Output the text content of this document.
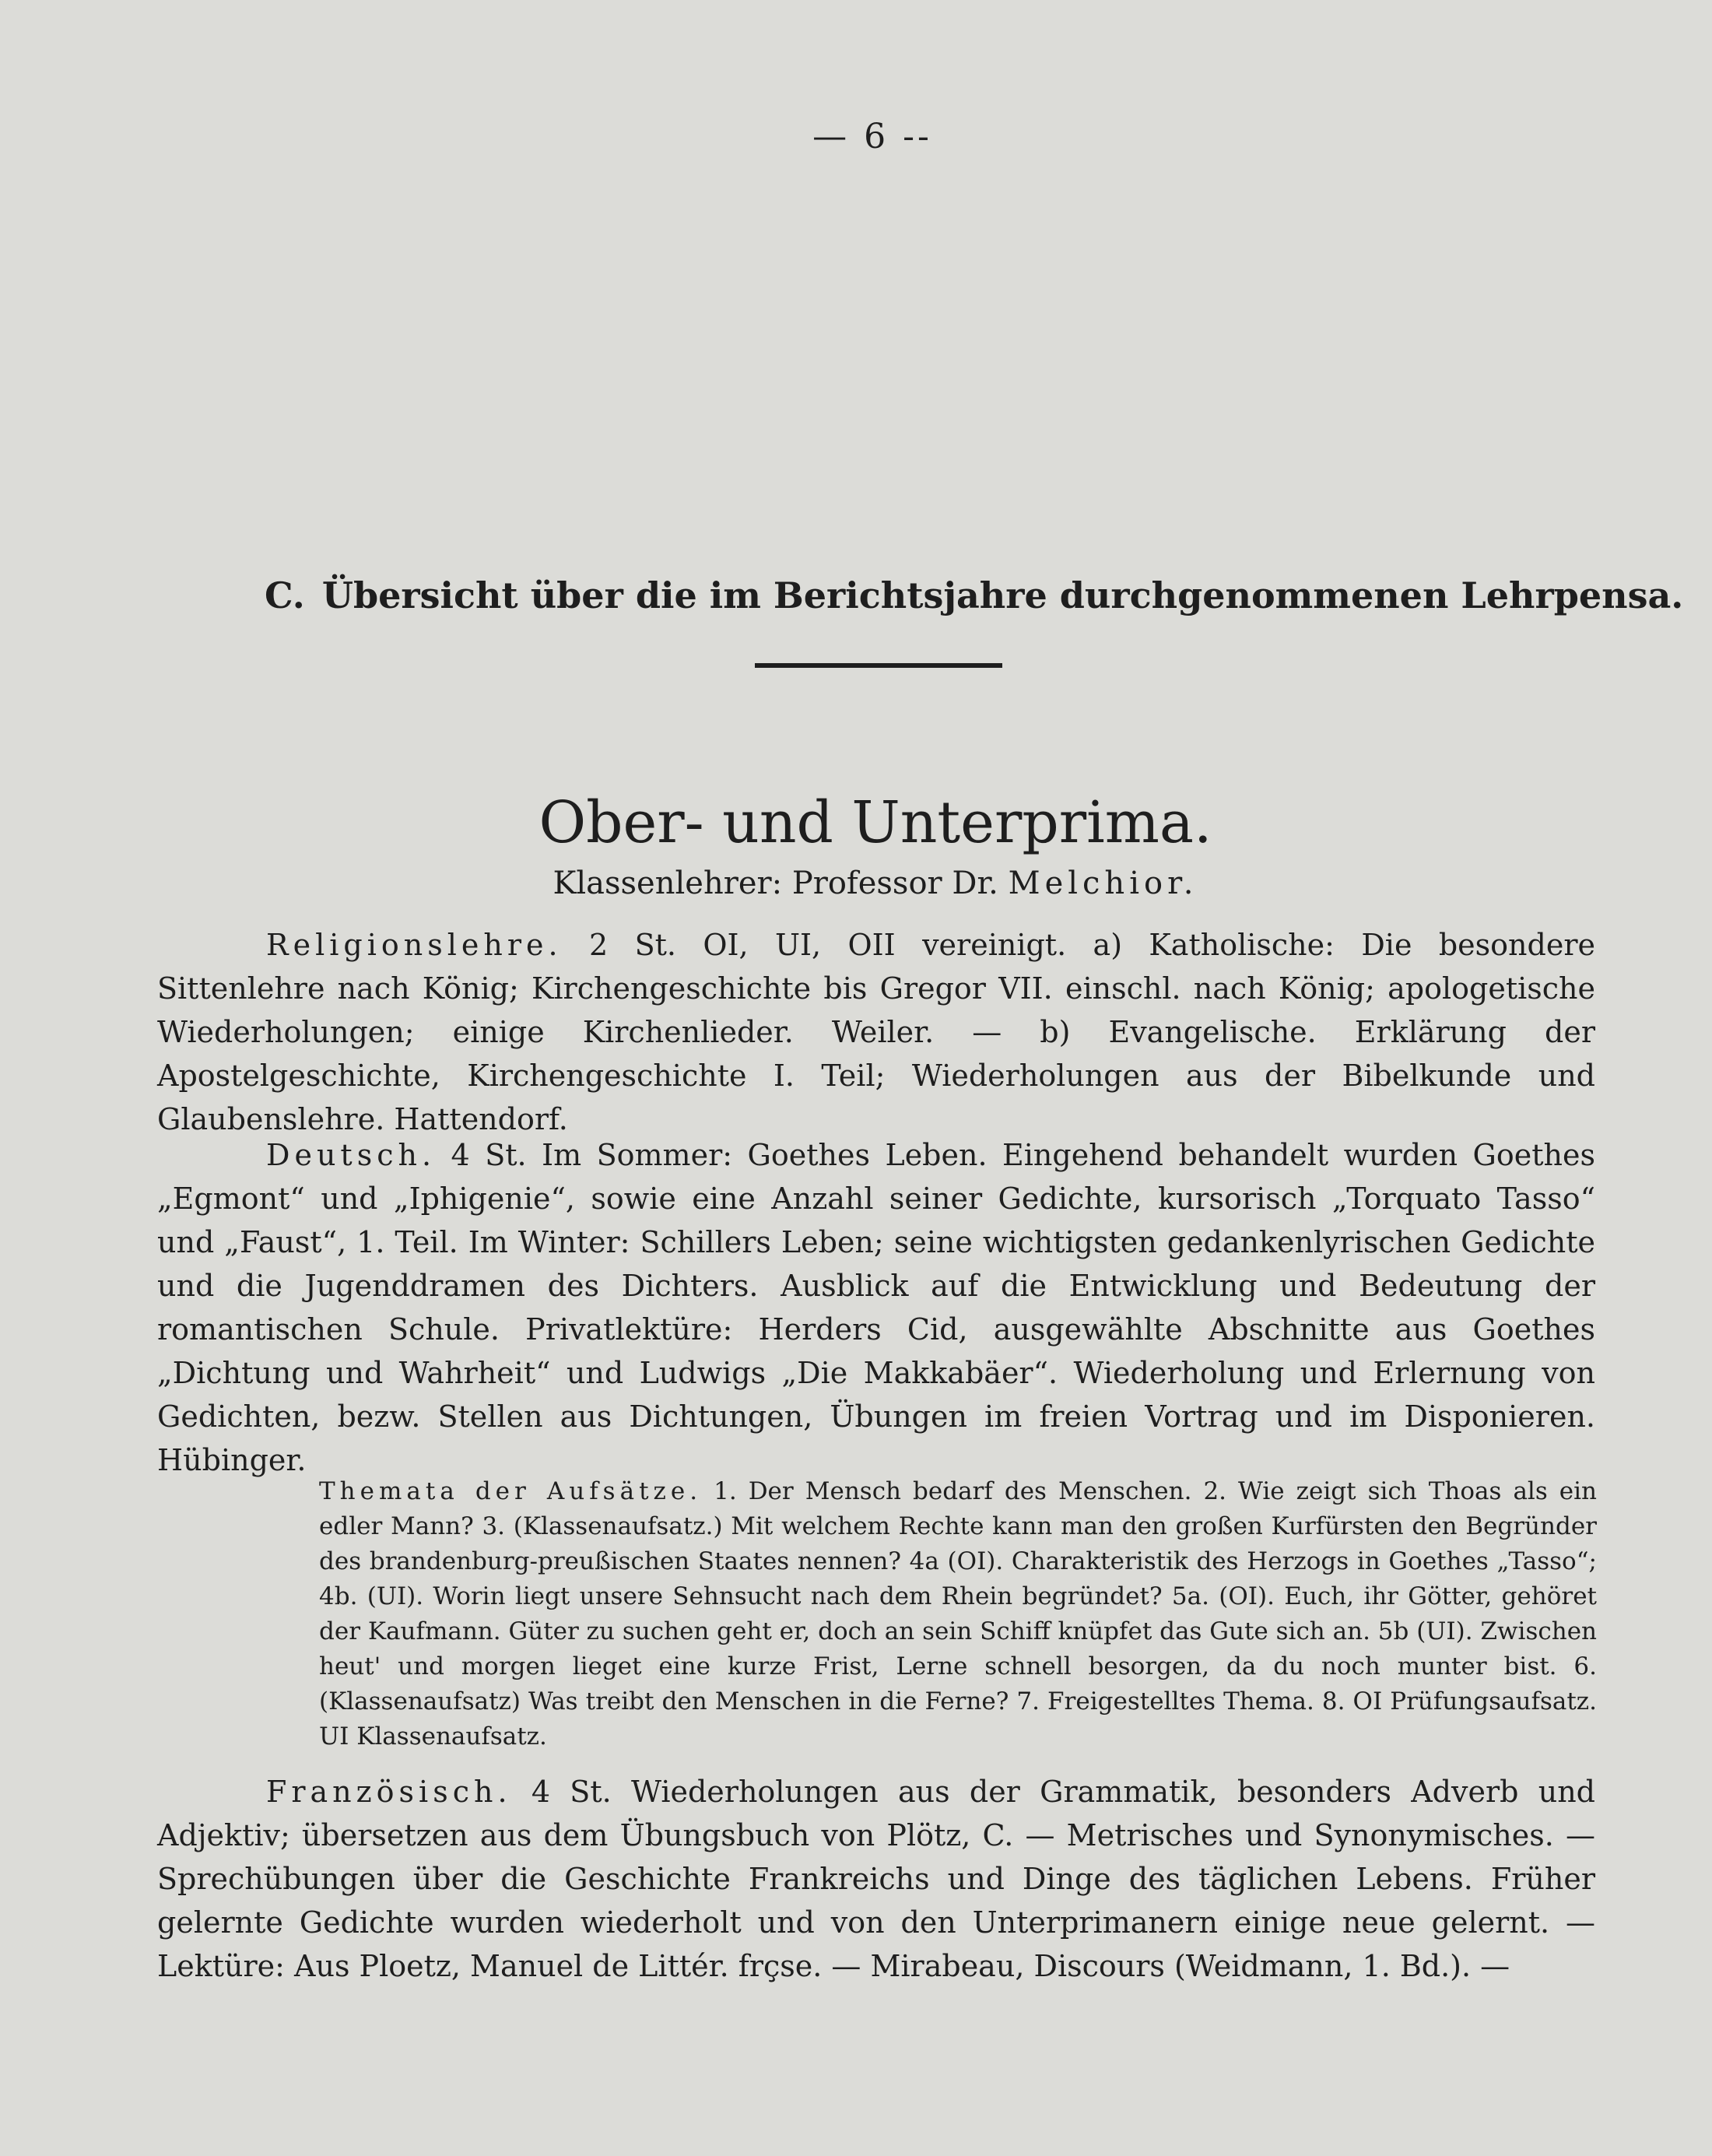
— 6 --
C. Übersicht über die im Berichtsjahre durchgenommenen Lehrpensa.
Ober- und Unterprima.
Klassenlehrer: Professor Dr. Melchior.
Religionslehre. 2 St. OI, UI, OII vereinigt. a) Katholische: Die besondere Sittenlehre nach König; Kirchengeschichte bis Gregor VII. einschl. nach König; apologetische Wiederholungen; einige Kirchenlieder. Weiler. — b) Evangelische. Erklärung der Apostelgeschichte, Kirchengeschichte I. Teil; Wiederholungen aus der Bibelkunde und Glaubenslehre. Hattendorf.
Deutsch. 4 St. Im Sommer: Goethes Leben. Eingehend behandelt wurden Goethes „Egmont“ und „Iphigenie“, sowie eine Anzahl seiner Gedichte, kursorisch „Torquato Tasso“ und „Faust“, 1. Teil. Im Winter: Schillers Leben; seine wichtigsten gedankenlyrischen Gedichte und die Jugenddramen des Dichters. Ausblick auf die Entwicklung und Bedeutung der romantischen Schule. Privatlektüre: Herders Cid, ausgewählte Abschnitte aus Goethes „Dichtung und Wahrheit“ und Ludwigs „Die Makkabäer“. Wiederholung und Erlernung von Gedichten, bezw. Stellen aus Dichtungen, Übungen im freien Vortrag und im Disponieren. Hübinger.
Themata der Aufsätze. 1. Der Mensch bedarf des Menschen. 2. Wie zeigt sich Thoas als ein edler Mann? 3. (Klassenaufsatz.) Mit welchem Rechte kann man den großen Kurfürsten den Begründer des brandenburg-preußischen Staates nennen? 4a (OI). Charakteristik des Herzogs in Goethes „Tasso“; 4b. (UI). Worin liegt unsere Sehnsucht nach dem Rhein begründet? 5a. (OI). Euch, ihr Götter, gehöret der Kaufmann. Güter zu suchen geht er, doch an sein Schiff knüpfet das Gute sich an. 5b (UI). Zwischen heut' und morgen lieget eine kurze Frist, Lerne schnell besorgen, da du noch munter bist. 6. (Klassenaufsatz) Was treibt den Menschen in die Ferne? 7. Freigestelltes Thema. 8. OI Prüfungsaufsatz. UI Klassenaufsatz.
Französisch. 4 St. Wiederholungen aus der Grammatik, besonders Adverb und Adjektiv; übersetzen aus dem Übungsbuch von Plötz, C. — Metrisches und Synonymisches. — Sprechübungen über die Geschichte Frankreichs und Dinge des täglichen Lebens. Früher gelernte Gedichte wurden wiederholt und von den Unterprimanern einige neue gelernt. — Lektüre: Aus Ploetz, Manuel de Littér. frçse. — Mirabeau, Discours (Weidmann, 1. Bd.). —
